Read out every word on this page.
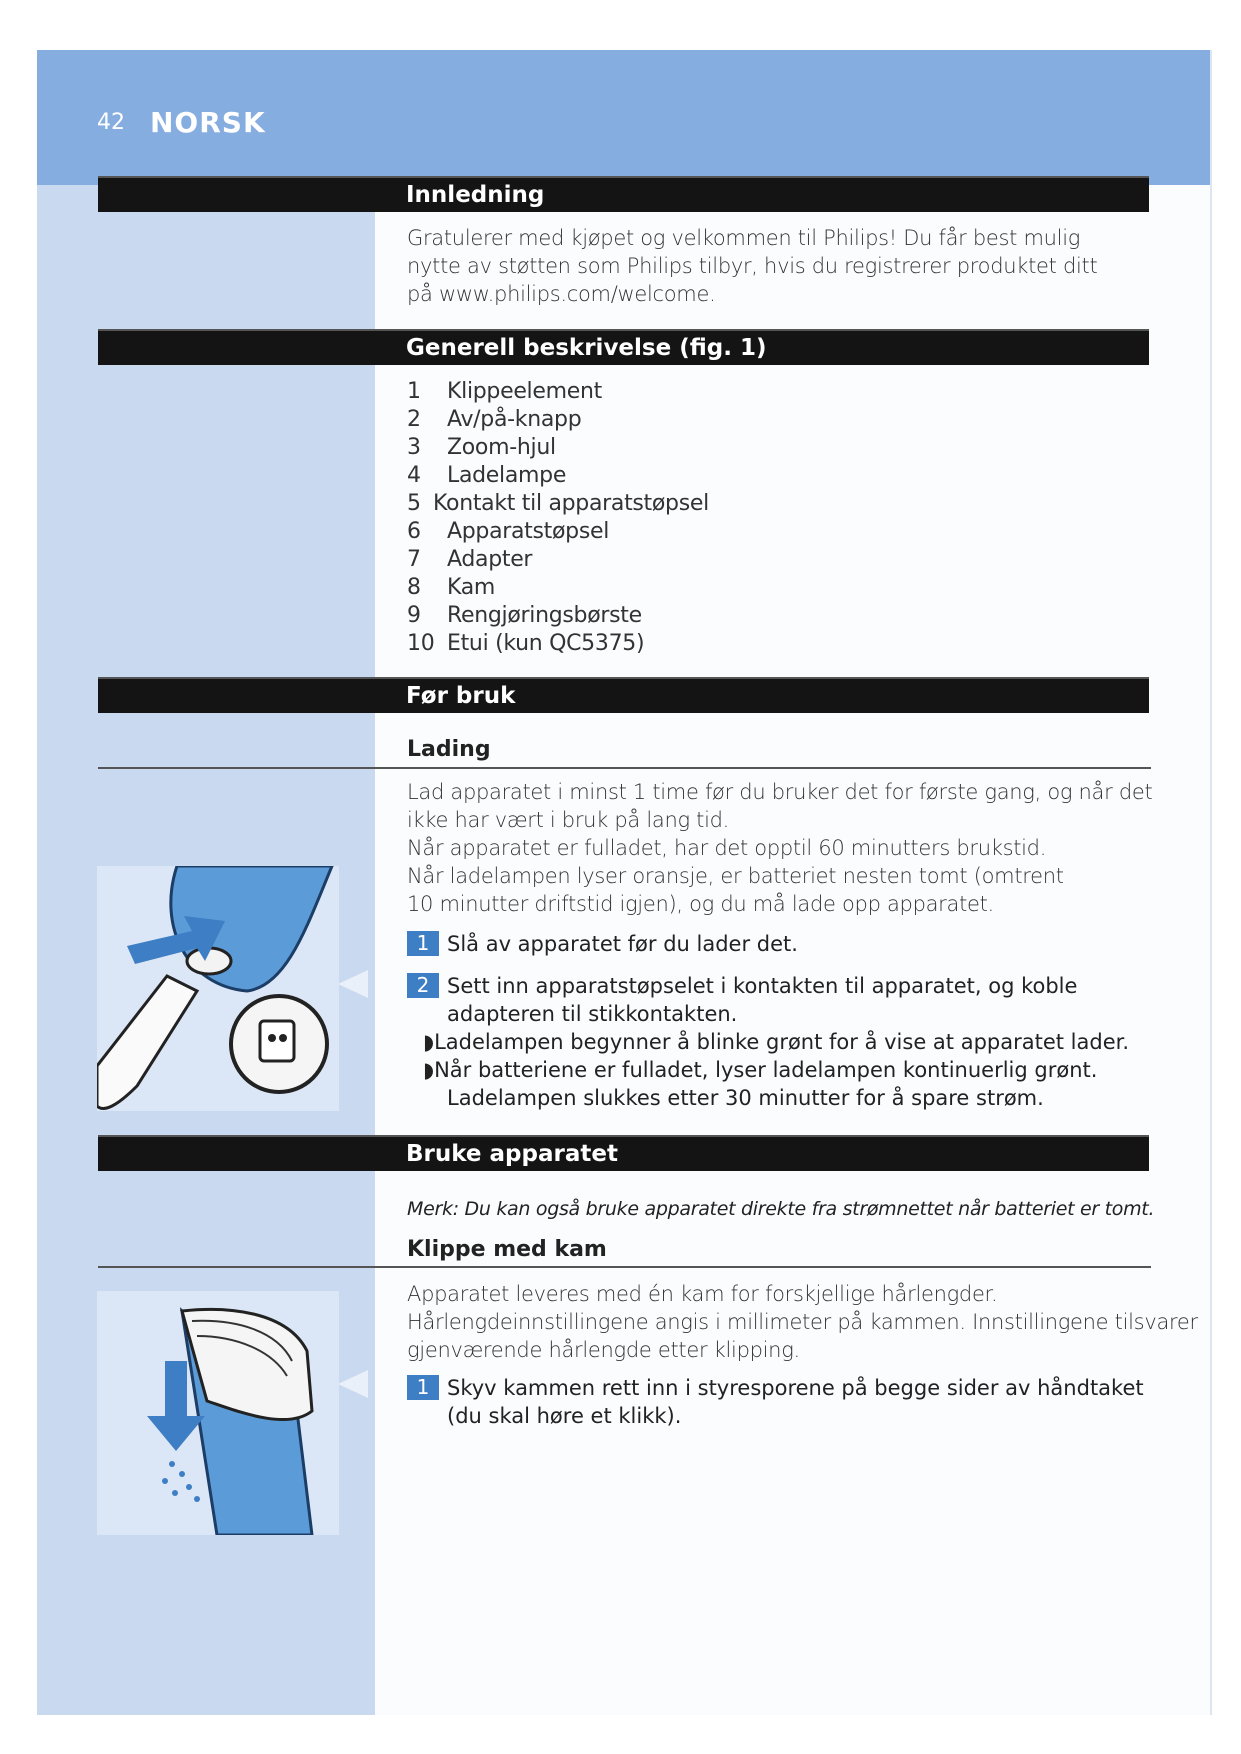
42 NORSK
Innledning
Gratulerer med kjøpet og velkommen til Philips! Du får best mulig
nytte av støtten som Philips tilbyr, hvis du registrerer produktet ditt
på www.philips.com/welcome.
Generell beskrivelse (fig. 1)
1 Klippeelement
2 Av/på-knapp
3 Zoom-hjul
4 Ladelampe
5 Kontakt til apparatstøpsel
6 Apparatstøpsel
7 Adapter
8 Kam
9 Rengjøringsbørste
10 Etui (kun QC5375)
Før bruk
Lading
Lad apparatet i minst 1 time før du bruker det for første gang, og når det
ikke har vært i bruk på lang tid.
Når apparatet er fulladet, har det opptil 60 minutters brukstid.
Når ladelampen lyser oransje, er batteriet nesten tomt (omtrent
10 minutter driftstid igjen), og du må lade opp apparatet.
1 Slå av apparatet før du lader det.
2 Sett inn apparatstøpselet i kontakten til apparatet, og koble
adapteren til stikkontakten.
◗Ladelampen begynner å blinke grønt for å vise at apparatet lader.
◗Når batteriene er fulladet, lyser ladelampen kontinuerlig grønt.
Ladelampen slukkes etter 30 minutter for å spare strøm.
Bruke apparatet
Merk: Du kan også bruke apparatet direkte fra strømnettet når batteriet er tomt.
Klippe med kam
Apparatet leveres med én kam for forskjellige hårlengder.
Hårlengdeinnstillingene angis i millimeter på kammen. Innstillingene tilsvarer
gjenværende hårlengde etter klipping.
1 Skyv kammen rett inn i styresporene på begge sider av håndtaket
(du skal høre et klikk).
